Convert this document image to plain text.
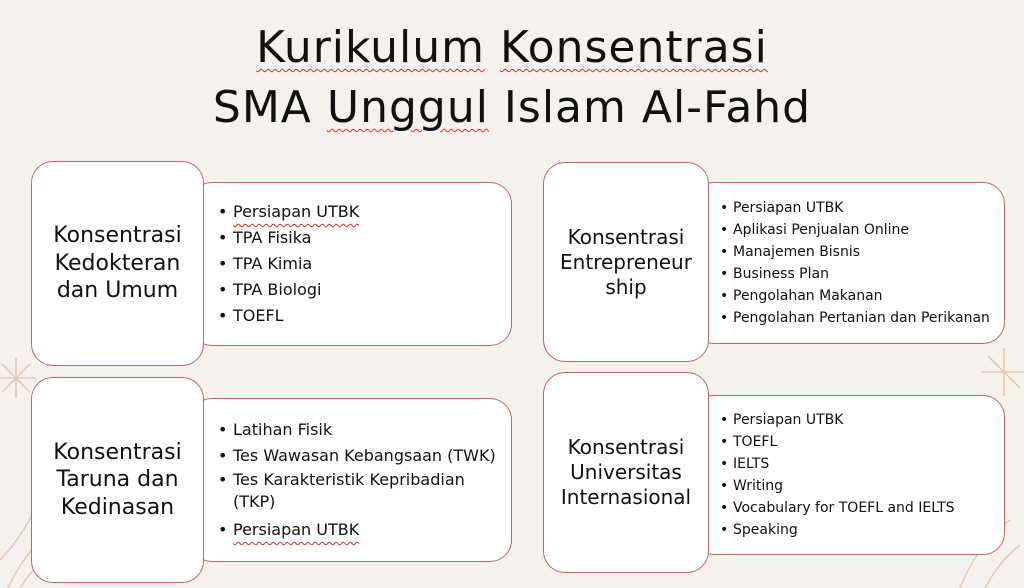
Kurikulum Konsentrasi
SMA Unggul Islam Al-Fahd
• Persiapan UTBK
• TPA Fisika
• TPA Kimia
• TPA Biologi
• TOEFL
Konsentrasi Kedokteran dan Umum
• Persiapan UTBK
• Aplikasi Penjualan Online
• Manajemen Bisnis
• Business Plan
• Pengolahan Makanan
• Pengolahan Pertanian dan Perikanan
Konsentrasi Entrepreneurship
• Latihan Fisik
• Tes Wawasan Kebangsaan (TWK)
• Tes Karakteristik Kepribadian (TKP)
• Persiapan UTBK
Konsentrasi Taruna dan Kedinasan
• Persiapan UTBK
• TOEFL
• IELTS
• Writing
• Vocabulary for TOEFL and IELTS
• Speaking
Konsentrasi Universitas Internasional
